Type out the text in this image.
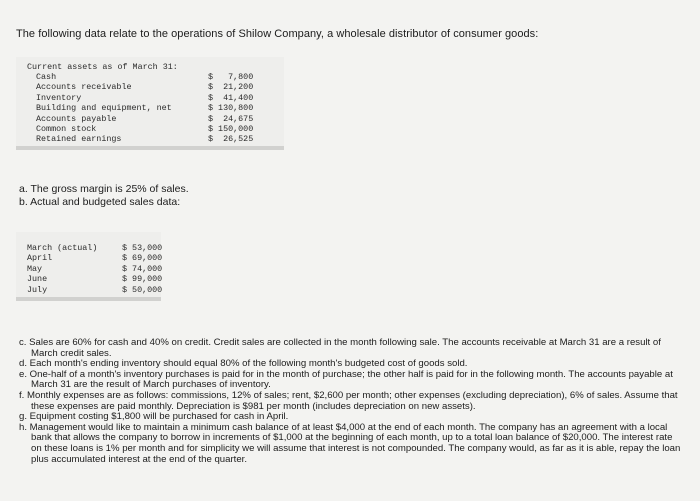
The following data relate to the operations of Shilow Company, a wholesale distributor of consumer goods:
Current assets as of March 31:
Cash	$   7,800
Accounts receivable	$  21,200
Inventory	$  41,400
Building and equipment, net	$ 130,800
Accounts payable	$  24,675
Common stock	$ 150,000
Retained earnings	$  26,525
a. The gross margin is 25% of sales.
b. Actual and budgeted sales data:
March (actual)	$ 53,000
April	$ 69,000
May	$ 74,000
June	$ 99,000
July	$ 50,000
c. Sales are 60% for cash and 40% on credit. Credit sales are collected in the month following sale. The accounts receivable at March 31 are a result of March credit sales.
d. Each month's ending inventory should equal 80% of the following month's budgeted cost of goods sold.
e. One-half of a month's inventory purchases is paid for in the month of purchase; the other half is paid for in the following month. The accounts payable at March 31 are the result of March purchases of inventory.
f. Monthly expenses are as follows: commissions, 12% of sales; rent, $2,600 per month; other expenses (excluding depreciation), 6% of sales. Assume that these expenses are paid monthly. Depreciation is $981 per month (includes depreciation on new assets).
g. Equipment costing $1,800 will be purchased for cash in April.
h. Management would like to maintain a minimum cash balance of at least $4,000 at the end of each month. The company has an agreement with a local bank that allows the company to borrow in increments of $1,000 at the beginning of each month, up to a total loan balance of $20,000. The interest rate on these loans is 1% per month and for simplicity we will assume that interest is not compounded. The company would, as far as it is able, repay the loan plus accumulated interest at the end of the quarter.
